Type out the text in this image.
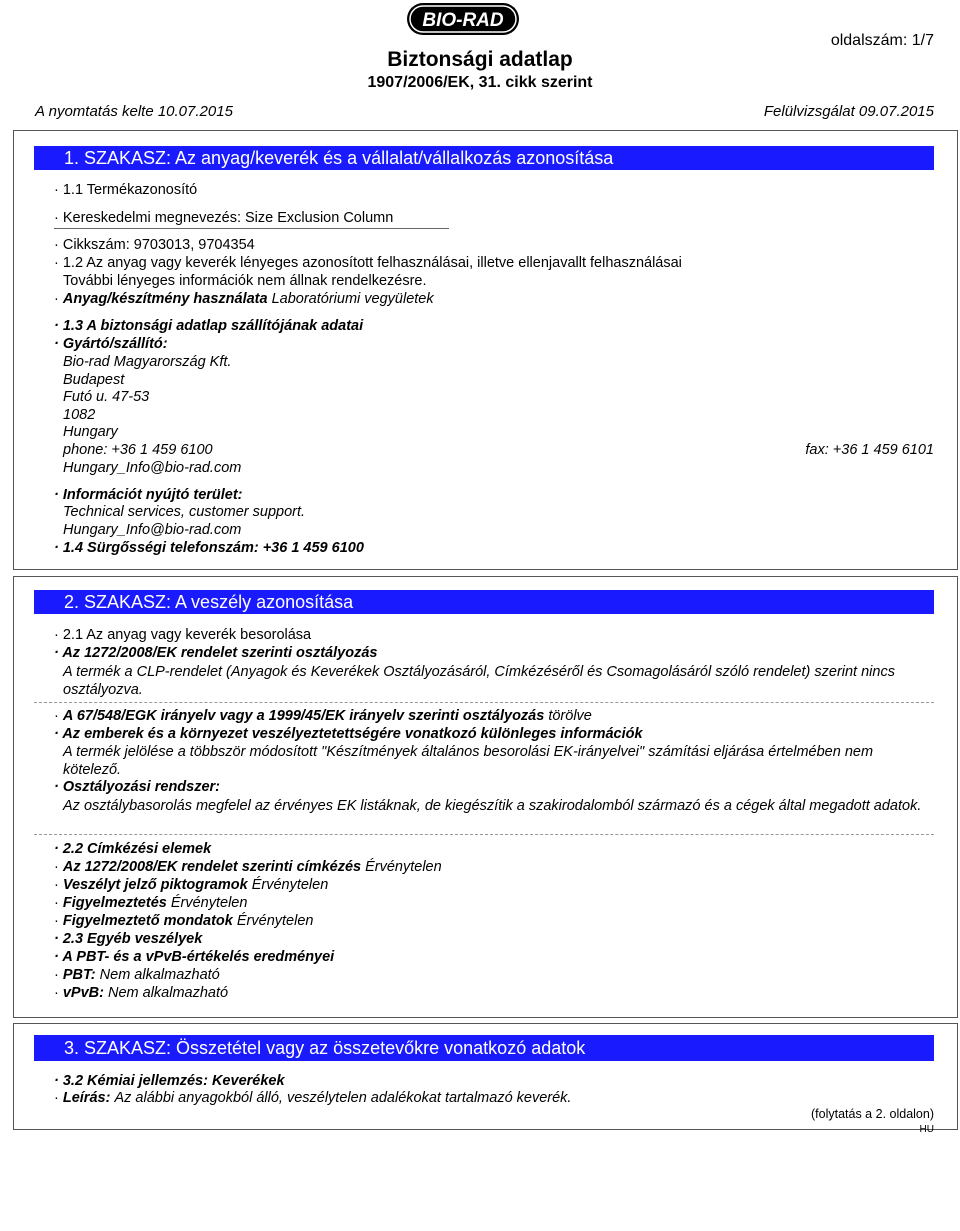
BIO-RAD
Biztonsági adatlap
1907/2006/EK, 31. cikk szerint
oldalszám: 1/7
A nyomtatás kelte 10.07.2015	Felülvizsgálat 09.07.2015
1. SZAKASZ: Az anyag/keverék és a vállalat/vállalkozás azonosítása
· 1.1 Termékazonosító
· Kereskedelmi megnevezés: Size Exclusion Column
· Cikkszám: 9703013, 9704354
· 1.2 Az anyag vagy keverék lényeges azonosított felhasználásai, illetve ellenjavallt felhasználásai
További lényeges információk nem állnak rendelkezésre.
· Anyag/készítmény használata Laboratóriumi vegyületek
· 1.3 A biztonsági adatlap szállítójának adatai
· Gyártó/szállító:
Bio-rad Magyarország Kft.
Budapest
Futó u. 47-53
1082
Hungary
phone: +36 1 459 6100	fax: +36 1 459 6101
Hungary_Info@bio-rad.com
· Információt nyújtó terület:
Technical services, customer support.
Hungary_Info@bio-rad.com
· 1.4 Sürgősségi telefonszám: +36 1 459 6100
2. SZAKASZ: A veszély azonosítása
· 2.1 Az anyag vagy keverék besorolása
· Az 1272/2008/EK rendelet szerinti osztályozás
A termék a CLP-rendelet (Anyagok és Keverékek Osztályozásáról, Címkézéséről és Csomagolásáról szóló rendelet) szerint nincs osztályozva.
· A 67/548/EGK irányelv vagy a 1999/45/EK irányelv szerinti osztályozás törölve
· Az emberek és a környezet veszélyeztetettségére vonatkozó különleges információk
A termék jelölése a többször módosított "Készítmények általános besorolási EK-irányelvei" számítási eljárása értelmében nem kötelező.
· Osztályozási rendszer:
Az osztálybasorolás megfelel az érvényes EK listáknak, de kiegészítik a szakirodalomból származó és a cégek által megadott adatok.
· 2.2 Címkézési elemek
· Az 1272/2008/EK rendelet szerinti címkézés Érvénytelen
· Veszélyt jelző piktogramok Érvénytelen
· Figyelmeztetés Érvénytelen
· Figyelmeztető mondatok Érvénytelen
· 2.3 Egyéb veszélyek
· A PBT- és a vPvB-értékelés eredményei
· PBT: Nem alkalmazható
· vPvB: Nem alkalmazható
3. SZAKASZ: Összetétel vagy az összetevőkre vonatkozó adatok
· 3.2 Kémiai jellemzés: Keverékek
· Leírás: Az alábbi anyagokból álló, veszélytelen adalékokat tartalmazó keverék.
(folytatás a 2. oldalon)
HU
